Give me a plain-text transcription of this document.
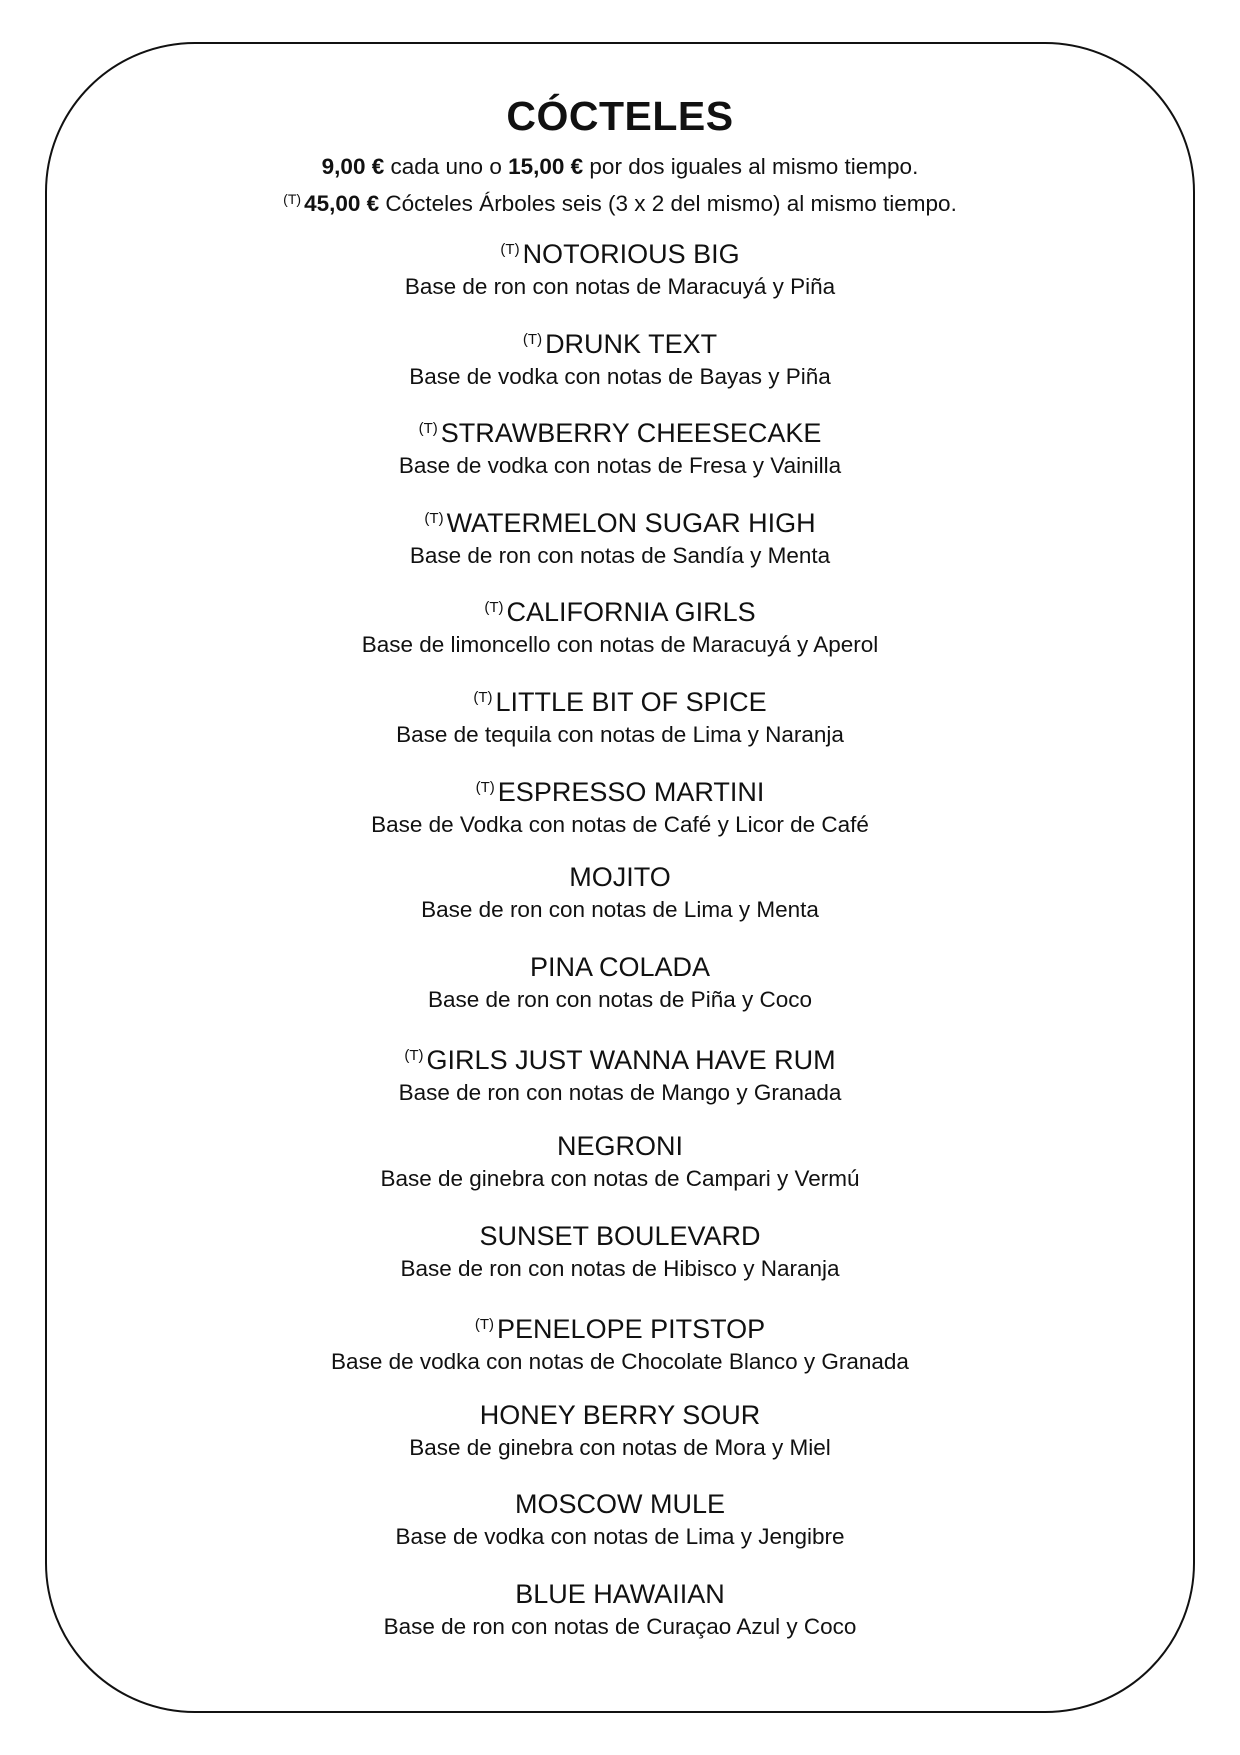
CÓCTELES

9,00 € cada uno o 15,00 € por dos iguales al mismo tiempo.

$^{(T)}$ 45,00 € Cócteles Árboles seis (3 x 2 del mismo) al mismo tiempo.

$^{(T)}$ NOTORIOUS BIG
Base de ron con notas de Maracuyá y Piña
$^{(T)}$ DRUNK TEXT
Base de vodka con notas de Bayas y Piña
$^{(T)}$ STRAWBERRY CHEESECAKE
Base de vodka con notas de Fresa y Vainilla
$^{(T)}$ WATERMELON SUGAR HIGH
Base de ron con notas de Sandía y Menta
$^{(T)}$ CALIFORNIA GIRLS
Base de limoncello con notas de Maracuyá y Aperol
$^{(T)}$ LITTLE BIT OF SPICE
Base de tequila con notas de Lima y Naranja
$^{(T)}$ ESPRESSO MARTINI
Base de Vodka con notas de Café y Licor de Café
MOJITO
Base de ron con notas de Lima y Menta
PINA COLADA
Base de ron con notas de Piña y Coco
$^{(T)}$ GIRLS JUST WANNA HAVE RUM
Base de ron con notas de Mango y Granada
NEGRONI
Base de ginebra con notas de Campari y Vermú
SUNSET BOULEVARD
Base de ron con notas de Hibisco y Naranja
$^{(T)}$ PENELOPE PITSTOP
Base de vodka con notas de Chocolate Blanco y Granada
HONEY BERRY SOUR
Base de ginebra con notas de Mora y Miel
MOSCOW MULE
Base de vodka con notas de Lima y Jengibre
BLUE HAWAIIAN
Base de ron con notas de Curaçao Azul y Coco
